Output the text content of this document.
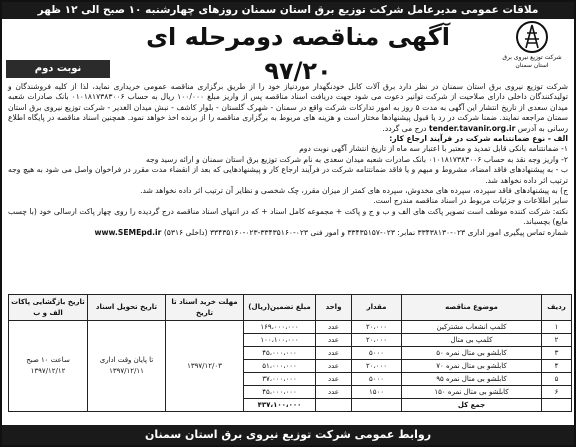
ملاقات عمومی مدیرعامل شرکت توزیع برق استان سمنان روزهای چهارشنبه ۱۰ صبح الی ۱۲ ظهر
شرکت توزیع نیروی برق استان سمنان
آگهی مناقصه دومرحله ای ۹۷/۲۰
نوبت دوم

شرکت توزیع نیروی برق استان سمنان در نظر دارد برق آلات کابل خودنگهدار موردنیاز خود را از طریق برگزاری مناقصه عمومی خریداری نماید، لذا از کلیه فروشندگان و تولیدکنندگان داخلی دارای صلاحیت از شرکت توانیر دعوت می شود جهت دریافت اسناد مناقصه پس از واریز مبلغ ۱۰۰/۰۰۰ ریال به حساب ۰۱۰۱۸۱۷۳۸۳۰۰۶ بانک صادرات شعبه میدان سعدی از تاریخ انتشار این آگهی به مدت ۵ روز به امور تدارکات شرکت واقع در سمنان - شهرک گلستان - بلوار کاشف - نبش میدان الغدیر - شرکت توزیع نیروی برق استان سمنان مراجعه نمایند. ضمنا شرکت در رد یا قبول پیشنهادها مختار است و هزینه های مربوط به برگزاری مناقصه را از برنده اخذ خواهد نمود. همچنین اسناد مناقصه در پایگاه اطلاع رسانی به آدرس tender.tavanir.org.ir درج می گردد.

الف - نوع ضمانتنامه شرکت در فرآیند ارجاع کار:

۱- ضمانتنامه بانکی قابل تمدید و معتبر با اعتبار سه ماه از تاریخ انتشار آگهی نوبت دوم

۲- واریز وجه نقد به حساب ۰۱۰۱۸۱۷۳۸۳۰۰۶ بانک صادرات شعبه میدان سعدی به نام شرکت توزیع برق استان سمنان و ارائه رسید وجه

ب - به پیشنهادهای فاقد امضاء، مشروط و مبهم و یا فاقد ضمانتنامه شرکت در فرآیند ارجاع کار و پیشنهادهایی که بعد از انقضاء مدت مقرر در فراخوان واصل می شود به هیچ وجه ترتیب اثر داده نخواهد شد.

ج) به پیشنهادهای فاقد سپرده، سپرده های مخدوش، سپرده های کمتر از میزان مقرر، چک شخصی و نظایر آن ترتیب اثر داده نخواهد شد.

سایر اطلاعات و جزئیات مربوط در اسناد مناقصه مندرج است.

نکته: شرکت کننده موظف است تصویر پاکت های الف و ب و ج و پاکت + مجموعه کامل اسناد + که در انتهای اسناد مناقصه درج گردیده را روی چهار پاکت ارسالی خود (با چسب مایع) بچسباند.

شماره تماس پیگیری امور اداری ۰۲۳-۳۳۴۳۸۱۳۰ نمابر: ۰۲۳-۳۳۴۳۵۱۵۷ و امور فنی ۰۲۳-۳۳۴۳۵۱۶۰-۰۲۳-۳۳۴۳۵۱۶۰ (داخلی ۵۳۱۶) www.SEMEpd.ir

ردیف	موضوع مناقصه	مقدار	واحد	مبلغ تضمین(ریال)	مهلت خرید اسناد تا تاریخ	تاریخ تحویل اسناد	تاریخ بازگشایی پاکات الف و ب
۱	کلمپ انشعاب مشترکین	۲۰،۰۰۰	عدد	۱۶۹،۰۰۰،۰۰۰	۱۳۹۷/۱۲/۰۳	تا پایان وقت اداری ۱۳۹۷/۱۲/۱۱	ساعت ۱۰ صبح ۱۳۹۷/۱۲/۱۲
۲	کلمپ بی متال	۲۰،۰۰۰	عدد	۱۰۰،۱۰۰،۰۰۰			
۳	کابلشو بی متال نمره ۵۰	۵۰۰۰	عدد	۴۵،۰۰۰،۰۰۰			
۴	کابلشو بی متال نمره ۷۰	۲۰،۰۰۰	عدد	۵۱،۰۰۰،۰۰۰			
۵	کابلشو بی متال نمره ۹۵	۵۰۰۰	عدد	۳۷،۰۰۰،۰۰۰			
۶	کابلشو بی متال نمره ۱۵۰	۱۵۰۰	عدد	۴۵،۰۰۰،۰۰۰			
	جمع کل			۴۳۷،۱۰۰،۰۰۰			
روابط عمومی شرکت توزیع نیروی برق استان سمنان
